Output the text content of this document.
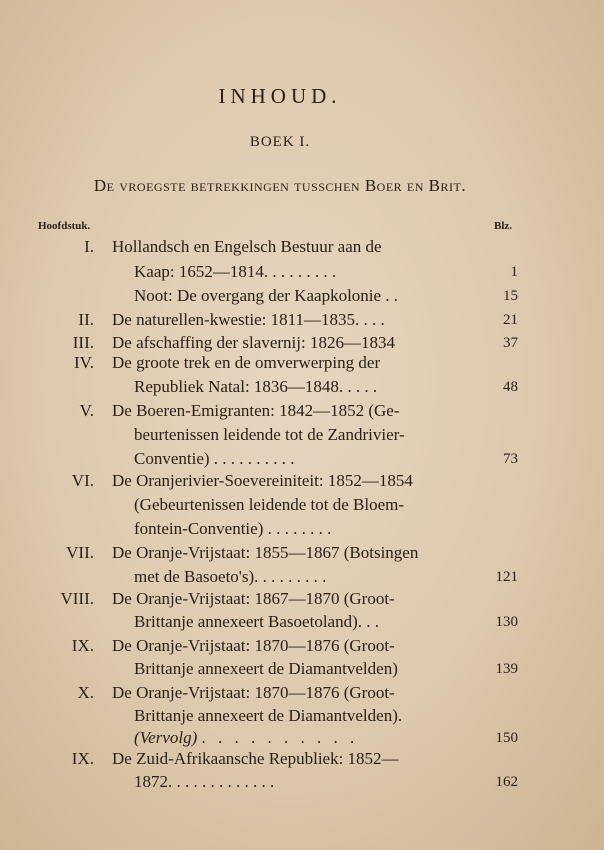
INHOUD.
BOEK I.
De vroegste betrekkingen tusschen Boer en Brit.
Hoofdstuk.	Blz.
I. Hollandsch en Engelsch Bestuur aan de
Kaap: 1652—1814. . . . . . . . .	1
Noot: De overgang der Kaapkolonie . .	15
II. De naturellen-kwestie: 1811—1835. . . .	21
III. De afschaffing der slavernij: 1826—1834	37
IV. De groote trek en de omverwerping der
Republiek Natal: 1836—1848. . . . .	48
V. De Boeren-Emigranten: 1842—1852 (Ge-
beurtenissen leidende tot de Zandrivier-
Conventie) . . . . . . . . . .	73
VI. De Oranjerivier-Soevereiniteit: 1852—1854
(Gebeurtenissen leidende tot de Bloem-
fontein-Conventie) . . . . . . . .
VII. De Oranje-Vrijstaat: 1855—1867 (Botsingen
met de Basoeto's). . . . . . . . .	121
VIII. De Oranje-Vrijstaat: 1867—1870 (Groot-
Brittanje annexeert Basoetoland). . .	130
IX. De Oranje-Vrijstaat: 1870—1876 (Groot-
Brittanje annexeert de Diamantvelden)	139
X. De Oranje-Vrijstaat: 1870—1876 (Groot-
Brittanje annexeert de Diamantvelden).
(Vervolg) . . . . . . . . . .	150
IX. De Zuid-Afrikaansche Republiek: 1852—
1872. . . . . . . . . . . . .	162
